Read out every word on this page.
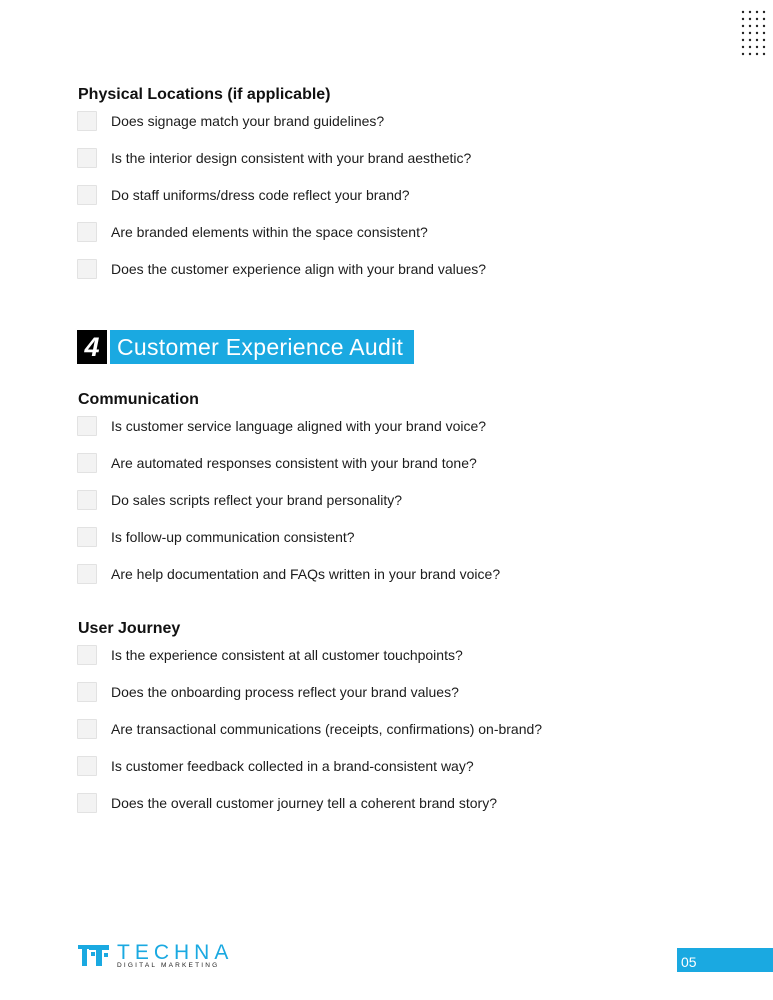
Physical Locations (if applicable)
Does signage match your brand guidelines?
Is the interior design consistent with your brand aesthetic?
Do staff uniforms/dress code reflect your brand?
Are branded elements within the space consistent?
Does the customer experience align with your brand values?
4 Customer Experience Audit
Communication
Is customer service language aligned with your brand voice?
Are automated responses consistent with your brand tone?
Do sales scripts reflect your brand personality?
Is follow-up communication consistent?
Are help documentation and FAQs written in your brand voice?
User Journey
Is the experience consistent at all customer touchpoints?
Does the onboarding process reflect your brand values?
Are transactional communications (receipts, confirmations) on-brand?
Is customer feedback collected in a brand-consistent way?
Does the overall customer journey tell a coherent brand story?
TECHNA
DIGITAL MARKETING	05
